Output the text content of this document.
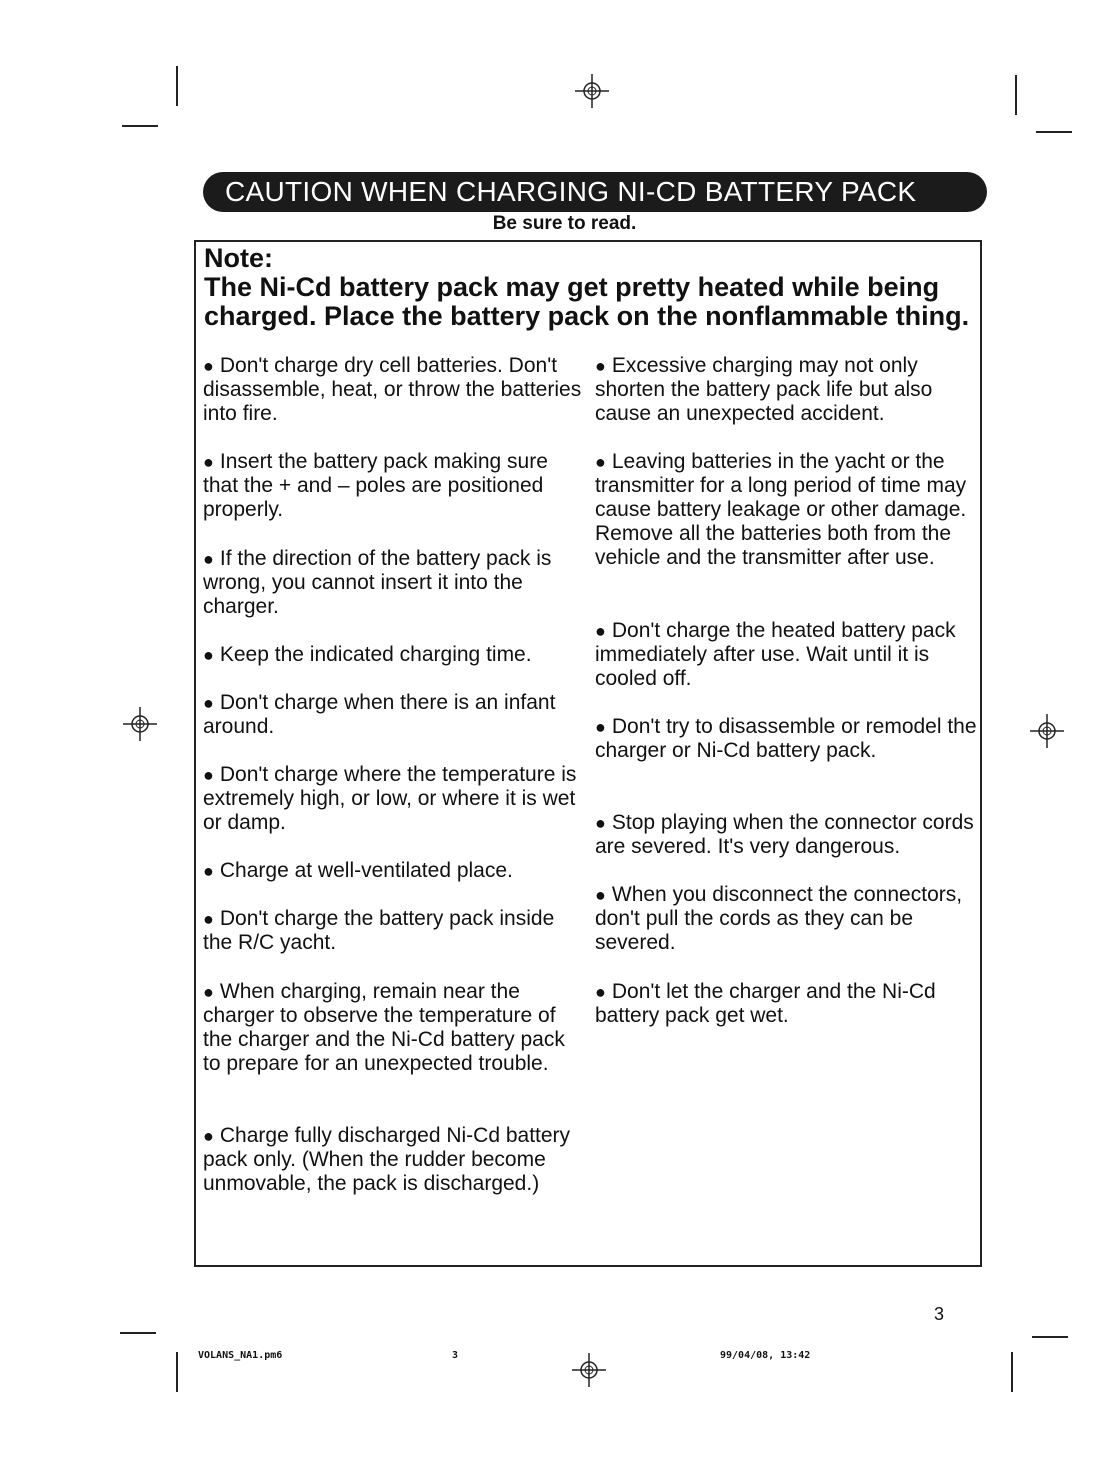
CAUTION WHEN CHARGING NI-CD BATTERY PACK
Be sure to read.
Note:
The Ni-Cd battery pack may get pretty heated while being charged. Place the battery pack on the nonflammable thing.

● Don't charge dry cell batteries. Don't disassemble, heat, or throw the batteries into fire.

● Insert the battery pack making sure that the + and – poles are positioned properly.

● If the direction of the battery pack is wrong, you cannot insert it into the charger.

● Keep the indicated charging time.

● Don't charge when there is an infant around.

● Don't charge where the temperature is extremely high, or low, or where it is wet or damp.

● Charge at well-ventilated place.

● Don't charge the battery pack inside the R/C yacht.

● When charging, remain near the charger to observe the temperature of the charger and the Ni-Cd battery pack to prepare for an unexpected trouble.

● Charge fully discharged Ni-Cd battery pack only. (When the rudder become unmovable, the pack is discharged.)

● Excessive charging may not only shorten the battery pack life but also cause an unexpected accident.

● Leaving batteries in the yacht or the transmitter for a long period of time may cause battery leakage or other damage. Remove all the batteries both from the vehicle and the transmitter after use.

● Don't charge the heated battery pack immediately after use. Wait until it is cooled off.

● Don't try to disassemble or remodel the charger or Ni-Cd battery pack.

● Stop playing when the connector cords are severed. It's very dangerous.

● When you disconnect the connectors, don't pull the cords as they can be severed.

● Don't let the charger and the Ni-Cd battery pack get wet.

3
VOLANS_NA1.pm6	3	99/04/08, 13:42
